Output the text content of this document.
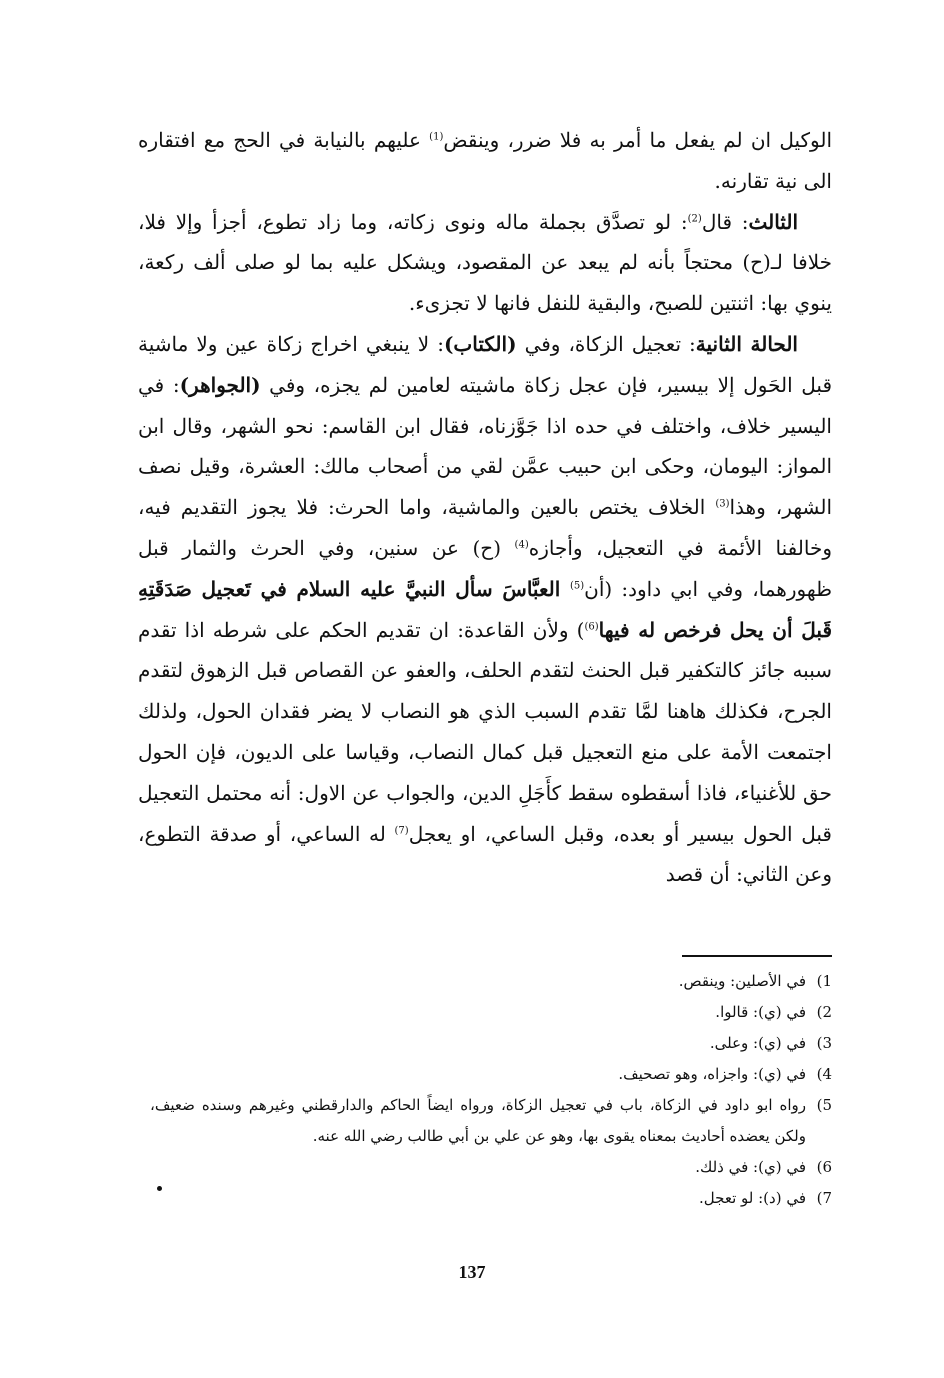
الوكيل ان لم يفعل ما أمر به فلا ضرر، وينقض$^{(1)}$ عليهم بالنيابة في الحج مع افتقاره الى نية تقارنه.

الثالث: قال$^{(2)}$: لو تصدَّق بجملة ماله ونوى زكاته، وما زاد تطوع، أجزأ وإلا فلا، خلافا لـ(ح) محتجاً بأنه لم يبعد عن المقصود، ويشكل عليه بما لو صلى ألف ركعة، ينوي بها: اثنتين للصبح، والبقية للنفل فانها لا تجزىء.

الحالة الثانية: تعجيل الزكاة، وفي (الكتاب): لا ينبغي اخراج زكاة عين ولا ماشية قبل الحَول إلا بيسير، فإن عجل زكاة ماشيته لعامين لم يجزه، وفي (الجواهر): في اليسير خلاف، واختلف في حده اذا جَوَّزناه، فقال ابن القاسم: نحو الشهر، وقال ابن المواز: اليومان، وحكى ابن حبيب عمَّن لقي من أصحاب مالك: العشرة، وقيل نصف الشهر، وهذا$^{(3)}$ الخلاف يختص بالعين والماشية، واما الحرث: فلا يجوز التقديم فيه، وخالفنا الأئمة في التعجيل، وأجازه$^{(4)}$ (ح) عن سنين، وفي الحرث والثمار قبل ظهورهما، وفي ابي داود: (أن$^{(5)}$ العبَّاسَ سأل النبيَّ عليه السلام في تَعجيل صَدَقَتِهِ قَبلَ أن يحل فرخص له فيها$^{(6)}$) ولأن القاعدة: ان تقديم الحكم على شرطه اذا تقدم سببه جائز كالتكفير قبل الحنث لتقدم الحلف، والعفو عن القصاص قبل الزهوق لتقدم الجرح، فكذلك هاهنا لمَّا تقدم السبب الذي هو النصاب لا يضر فقدان الحول، ولذلك اجتمعت الأمة على منع التعجيل قبل كمال النصاب، وقياسا على الديون، فإن الحول حق للأغنياء، فاذا أسقطوه سقط كأَجَلِ الدين، والجواب عن الاول: أنه محتمل التعجيل قبل الحول بيسير أو بعده، وقبل الساعي، او يعجل$^{(7)}$ له الساعي، أو صدقة التطوع، وعن الثاني: أن قصد

1)
في الأصلين: وينقص.
2)
في (ي): قالوا.
3)
في (ي): وعلى.
4)
في (ي): واجزاه، وهو تصحيف.
5)
رواه ابو داود في الزكاة، باب في تعجيل الزكاة، ورواه ايضاً الحاكم والدارقطني وغيرهم وسنده ضعيف، ولكن يعضده أحاديث بمعناه يقوى بها، وهو عن علي بن أبي طالب رضي الله عنه.
6)
في (ي): في ذلك.
7)
في (د): لو تعجل.
137
